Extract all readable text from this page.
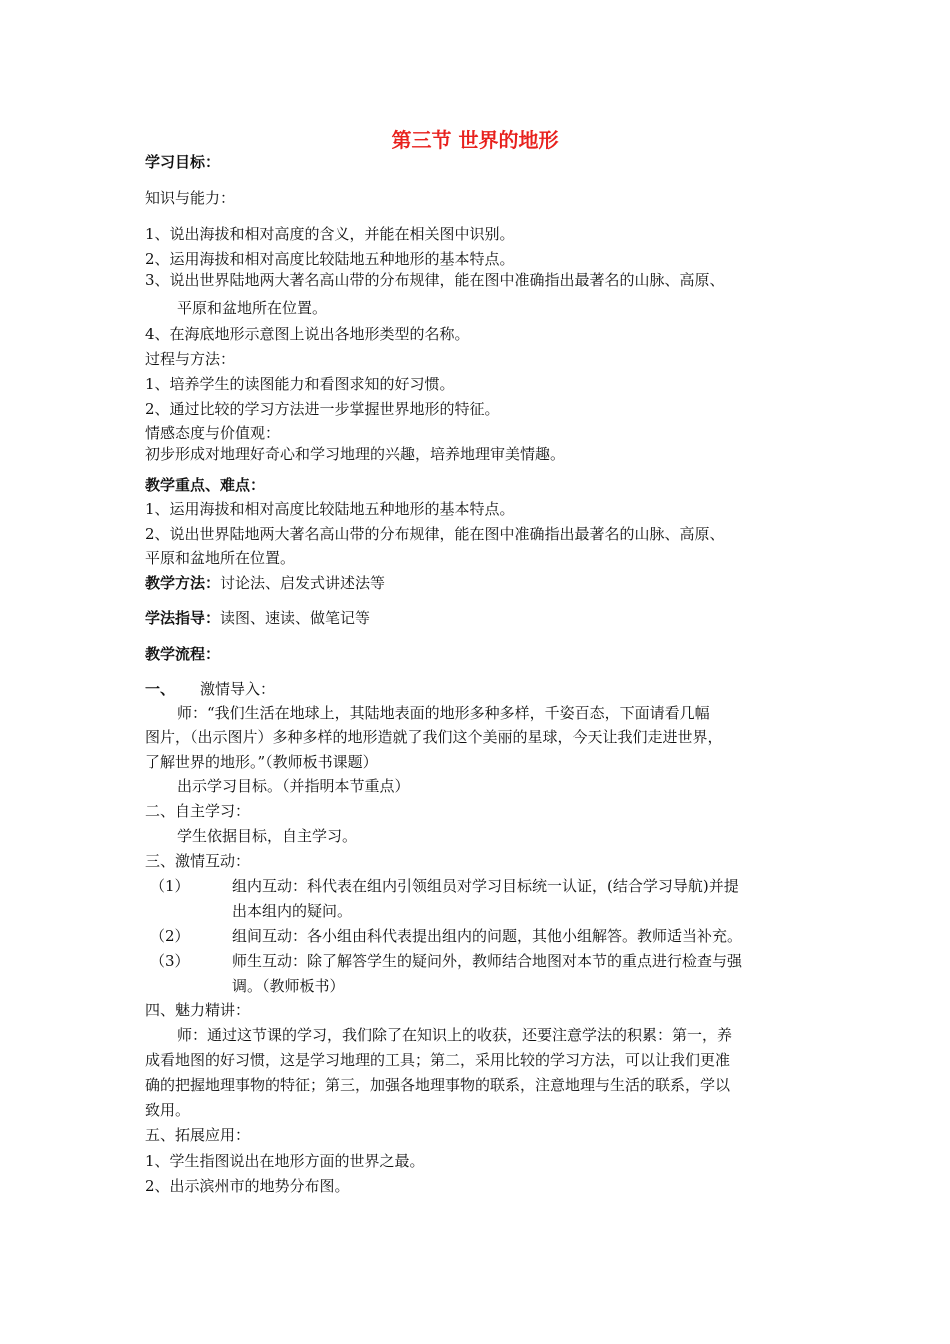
第三节 世界的地形

学习目标：

知识与能力：

1、说出海拔和相对高度的含义，并能在相关图中识别。

2、运用海拔和相对高度比较陆地五种地形的基本特点。

3、说出世界陆地两大著名高山带的分布规律，能在图中准确指出最著名的山脉、高原、

平原和盆地所在位置。

4、在海底地形示意图上说出各地形类型的名称。

过程与方法：

1、培养学生的读图能力和看图求知的好习惯。

2、通过比较的学习方法进一步掌握世界地形的特征。

情感态度与价值观：

初步形成对地理好奇心和学习地理的兴趣，培养地理审美情趣。

教学重点、难点：

1、运用海拔和相对高度比较陆地五种地形的基本特点。

2、说出世界陆地两大著名高山带的分布规律，能在图中准确指出最著名的山脉、高原、

平原和盆地所在位置。

教学方法：讨论法、启发式讲述法等

学法指导：读图、速读、做笔记等

教学流程：

一、 激情导入：

师：“我们生活在地球上，其陆地表面的地形多种多样，千姿百态，下面请看几幅

图片，（出示图片）多种多样的地形造就了我们这个美丽的星球，今天让我们走进世界，

了解世界的地形。”（教师板书课题）

出示学习目标。（并指明本节重点）

二、自主学习：

学生依据目标，自主学习。

三、激情互动：

（1）	组内互动：科代表在组内引领组员对学习目标统一认证，(结合学习导航)并提

出本组内的疑问。

（2）	组间互动：各小组由科代表提出组内的问题，其他小组解答。教师适当补充。

（3）	师生互动：除了解答学生的疑问外，教师结合地图对本节的重点进行检查与强

调。（教师板书）

四、魅力精讲：

师：通过这节课的学习，我们除了在知识上的收获，还要注意学法的积累：第一，养

成看地图的好习惯，这是学习地理的工具；第二，采用比较的学习方法，可以让我们更准

确的把握地理事物的特征；第三，加强各地理事物的联系，注意地理与生活的联系，学以

致用。

五、拓展应用：

1、学生指图说出在地形方面的世界之最。

2、出示滨州市的地势分布图。
